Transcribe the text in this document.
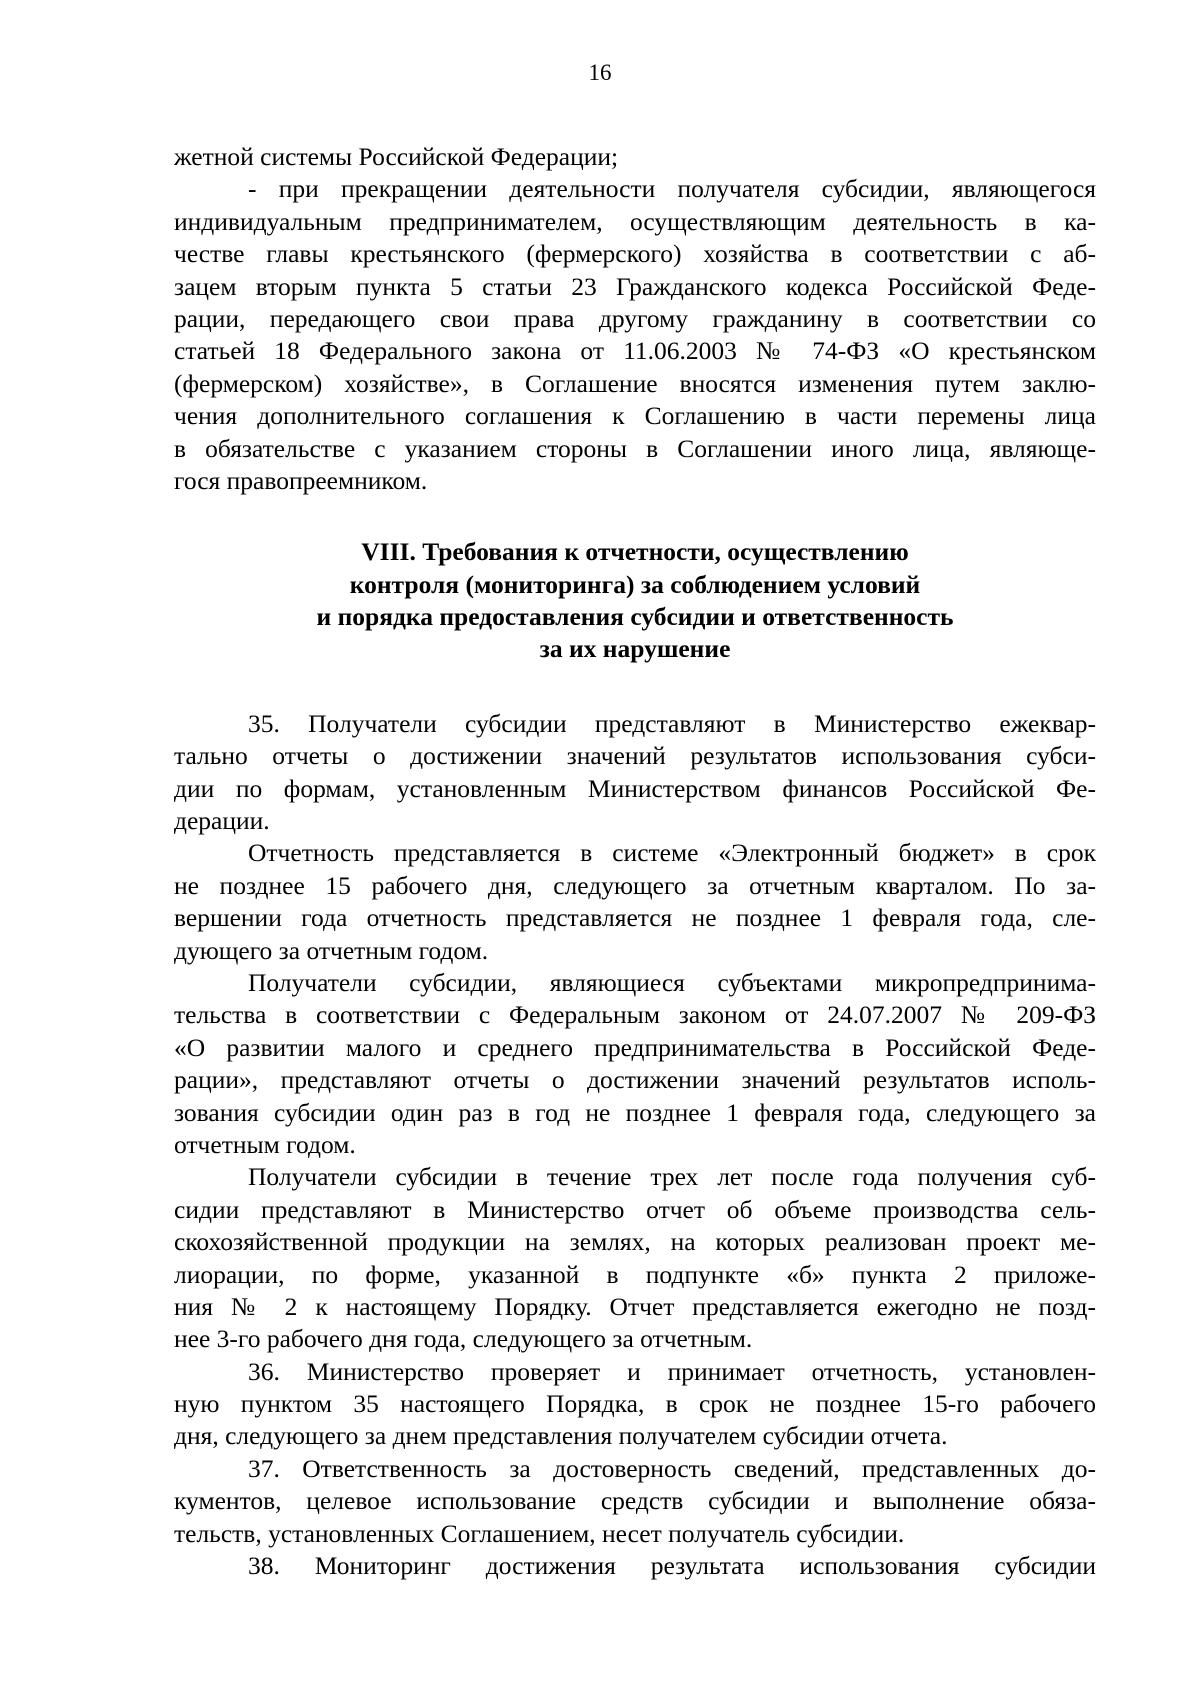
16
жетной системы Российской Федерации;
- при прекращении деятельности получателя субсидии, являющегося
индивидуальным предпринимателем, осуществляющим деятельность в ка-
честве главы крестьянского (фермерского) хозяйства в соответствии с аб-
зацем вторым пункта 5 статьи 23 Гражданского кодекса Российской Феде-
рации, передающего свои права другому гражданину в соответствии со
статьей 18 Федерального закона от 11.06.2003 № 74-ФЗ «О крестьянском
(фермерском) хозяйстве», в Соглашение вносятся изменения путем заклю-
чения дополнительного соглашения к Соглашению в части перемены лица
в обязательстве с указанием стороны в Соглашении иного лица, являюще-
гося правопреемником.
VIII. Требования к отчетности, осуществлению
контроля (мониторинга) за соблюдением условий
и порядка предоставления субсидии и ответственность
за их нарушение
35. Получатели субсидии представляют в Министерство ежеквар-
тально отчеты о достижении значений результатов использования субси-
дии по формам, установленным Министерством финансов Российской Фе-
дерации.
Отчетность представляется в системе «Электронный бюджет» в срок
не позднее 15 рабочего дня, следующего за отчетным кварталом. По за-
вершении года отчетность представляется не позднее 1 февраля года, сле-
дующего за отчетным годом.
Получатели субсидии, являющиеся субъектами микропредпринима-
тельства в соответствии с Федеральным законом от 24.07.2007 № 209-ФЗ
«О развитии малого и среднего предпринимательства в Российской Феде-
рации», представляют отчеты о достижении значений результатов исполь-
зования субсидии один раз в год не позднее 1 февраля года, следующего за
отчетным годом.
Получатели субсидии в течение трех лет после года получения суб-
сидии представляют в Министерство отчет об объеме производства сель-
скохозяйственной продукции на землях, на которых реализован проект ме-
лиорации, по форме, указанной в подпункте «б» пункта 2 приложе-
ния № 2 к настоящему Порядку. Отчет представляется ежегодно не позд-
нее 3-го рабочего дня года, следующего за отчетным.
36. Министерство проверяет и принимает отчетность, установлен-
ную пунктом 35 настоящего Порядка, в срок не позднее 15-го рабочего
дня, следующего за днем представления получателем субсидии отчета.
37. Ответственность за достоверность сведений, представленных до-
кументов, целевое использование средств субсидии и выполнение обяза-
тельств, установленных Соглашением, несет получатель субсидии.
38. Мониторинг достижения результата использования субсидии
